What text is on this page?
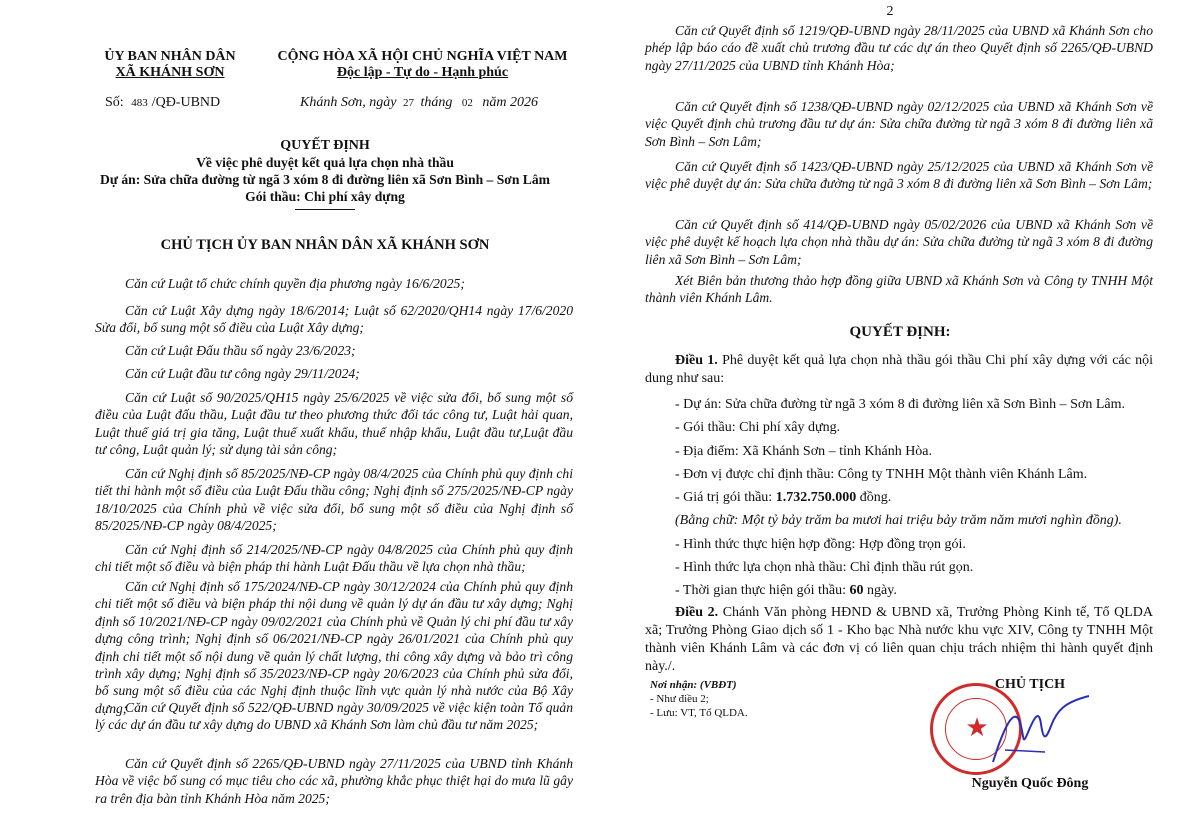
ỦY BAN NHÂN DÂN
XÃ KHÁNH SƠN
CỘNG HÒA XÃ HỘI CHỦ NGHĨA VIỆT NAM
Độc lập - Tự do - Hạnh phúc
Số: 483 /QĐ-UBND	Khánh Sơn, ngày 27 tháng 02 năm 2026
QUYẾT ĐỊNH
Về việc phê duyệt kết quả lựa chọn nhà thầu
Dự án: Sửa chữa đường từ ngã 3 xóm 8 đi đường liên xã Sơn Bình – Sơn Lâm
Gói thầu: Chi phí xây dựng
CHỦ TỊCH ỦY BAN NHÂN DÂN XÃ KHÁNH SƠN
Căn cứ Luật tổ chức chính quyền địa phương ngày 16/6/2025;
Căn cứ Luật Xây dựng ngày 18/6/2014; Luật số 62/2020/QH14 ngày 17/6/2020 Sửa đổi, bổ sung một số điều của Luật Xây dựng;
Căn cứ Luật Đấu thầu số ngày 23/6/2023;
Căn cứ Luật đầu tư công ngày 29/11/2024;
Căn cứ Luật số 90/2025/QH15 ngày 25/6/2025 về việc sửa đổi, bổ sung một số điều của Luật đấu thầu, Luật đầu tư theo phương thức đối tác công tư, Luật hải quan, Luật thuế giá trị gia tăng, Luật thuế xuất khẩu, thuế nhập khẩu, Luật đầu tư,Luật đầu tư công, Luật quản lý; sử dụng tài sản công;
Căn cứ Nghị định số 85/2025/NĐ-CP ngày 08/4/2025 của Chính phủ quy định chi tiết thi hành một số điều của Luật Đấu thầu công; Nghị định số 275/2025/NĐ-CP ngày 18/10/2025 của Chính phủ về việc sửa đổi, bổ sung một số điều của Nghị định số 85/2025/NĐ-CP ngày 08/4/2025;
Căn cứ Nghị định số 214/2025/NĐ-CP ngày 04/8/2025 của Chính phủ quy định chi tiết một số điều và biện pháp thi hành Luật Đấu thầu về lựa chọn nhà thầu;
Căn cứ Nghị định số 175/2024/NĐ-CP ngày 30/12/2024 của Chính phủ quy định chi tiết một số điều và biện pháp thi nội dung về quản lý dự án đầu tư xây dựng; Nghị định số 10/2021/NĐ-CP ngày 09/02/2021 của Chính phủ về Quản lý chi phí đầu tư xây dựng công trình; Nghị định số 06/2021/NĐ-CP ngày 26/01/2021 của Chính phủ quy định chi tiết một số nội dung về quản lý chất lượng, thi công xây dựng và bảo trì công trình xây dựng; Nghị định số 35/2023/NĐ-CP ngày 20/6/2023 của Chính phủ sửa đổi, bổ sung một số điều của các Nghị định thuộc lĩnh vực quản lý nhà nước của Bộ Xây dựng;
Căn cứ Quyết định số 522/QĐ-UBND ngày 30/09/2025 về việc kiện toàn Tổ quản lý các dự án đầu tư xây dựng do UBND xã Khánh Sơn làm chủ đầu tư năm 2025;
Căn cứ Quyết định số 2265/QĐ-UBND ngày 27/11/2025 của UBND tỉnh Khánh Hòa về việc bổ sung có mục tiêu cho các xã, phường khắc phục thiệt hại do mưa lũ gây ra trên địa bàn tỉnh Khánh Hòa năm 2025;
2
Căn cứ Quyết định số 1219/QĐ-UBND ngày 28/11/2025 của UBND xã Khánh Sơn cho phép lập báo cáo đề xuất chủ trương đầu tư các dự án theo Quyết định số 2265/QĐ-UBND ngày 27/11/2025 của UBND tỉnh Khánh Hòa;
Căn cứ Quyết định số 1238/QĐ-UBND ngày 02/12/2025 của UBND xã Khánh Sơn về việc Quyết định chủ trương đầu tư dự án: Sửa chữa đường từ ngã 3 xóm 8 đi đường liên xã Sơn Bình – Sơn Lâm;
Căn cứ Quyết định số 1423/QĐ-UBND ngày 25/12/2025 của UBND xã Khánh Sơn về việc phê duyệt dự án: Sửa chữa đường từ ngã 3 xóm 8 đi đường liên xã Sơn Bình – Sơn Lâm;
Căn cứ Quyết định số 414/QĐ-UBND ngày 05/02/2026 của UBND xã Khánh Sơn về việc phê duyệt kế hoạch lựa chọn nhà thầu dự án: Sửa chữa đường từ ngã 3 xóm 8 đi đường liên xã Sơn Bình – Sơn Lâm;
Xét Biên bản thương thảo hợp đồng giữa UBND xã Khánh Sơn và Công ty TNHH Một thành viên Khánh Lâm.
QUYẾT ĐỊNH:
Điều 1. Phê duyệt kết quả lựa chọn nhà thầu gói thầu Chi phí xây dựng với các nội dung như sau:
- Dự án: Sửa chữa đường từ ngã 3 xóm 8 đi đường liên xã Sơn Bình – Sơn Lâm.
- Gói thầu: Chi phí xây dựng.
- Địa điểm: Xã Khánh Sơn – tỉnh Khánh Hòa.
- Đơn vị được chỉ định thầu: Công ty TNHH Một thành viên Khánh Lâm.
- Giá trị gói thầu: 1.732.750.000 đồng.
(Bằng chữ: Một tỷ bảy trăm ba mươi hai triệu bảy trăm năm mươi nghìn đồng).
- Hình thức thực hiện hợp đồng: Hợp đồng trọn gói.
- Hình thức lựa chọn nhà thầu: Chỉ định thầu rút gọn.
- Thời gian thực hiện gói thầu: 60 ngày.
Điều 2. Chánh Văn phòng HĐND & UBND xã, Trưởng Phòng Kinh tế, Tổ QLDA xã; Trưởng Phòng Giao dịch số 1 - Kho bạc Nhà nước khu vực XIV, Công ty TNHH Một thành viên Khánh Lâm và các đơn vị có liên quan chịu trách nhiệm thi hành quyết định này./.
Nơi nhận: (VBĐT)
- Như điều 2;
- Lưu: VT, Tổ QLDA.
CHỦ TỊCH
Nguyễn Quốc Đông
★
